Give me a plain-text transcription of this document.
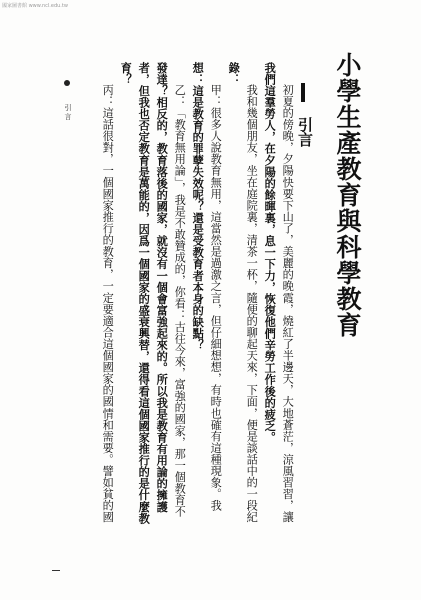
國家圖書館 www.ncl.edu.tw
小學生產教育與科學教育
引言
初夏的傍晚，夕陽快要下山了，美麗的晚霞，燒紅了半邊天，大地蒼茫，涼風習習，讓
我們這羣勞人，在夕陽的餘暉裏，息一下力，恢復他們辛勞工作後的疲乏。
我和幾個朋友，坐在庭院裏，清茶一杯，隨便的聊起天來，下面，便是談話中的一段紀
錄：
甲：很多人說教育無用，這當然是過激之言，但仔細想想，有時也確有這種現象。我
想：這是教育的罪孽失效呢？還是受教育者本身的缺點？
乙：「教育無用論」，我是不敢贊成的，你看：古往今來，富強的國家，那一個教育不
發達？相反的，教育落後的國家，就沒有一個會富強起來的。所以我是教育有用論的擁護
者，但我也否定教育是萬能的，因爲一個國家的盛衰興替，還得看這個國家推行的是什麼教
育？
丙：這話很對，一個國家推行的教育，一定要適合這個國家的國情和需要。譬如貧的國
引言
